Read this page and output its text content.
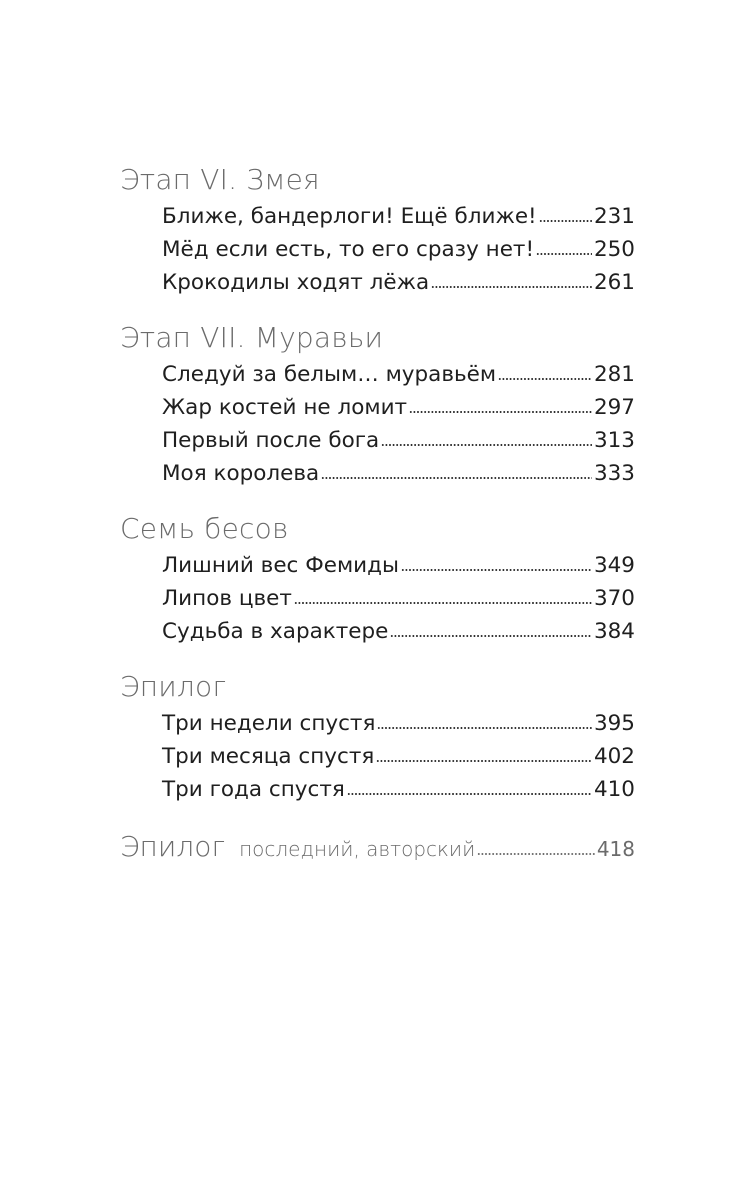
Этап VI. Змея
Ближе, бандерлоги! Ещё ближе!	231
Мёд если есть, то его сразу нет!	250
Крокодилы ходят лёжа	261
Этап VII. Муравьи
Следуй за белым… муравьём	281
Жар костей не ломит	297
Первый после бога	313
Моя королева	333
Семь бесов
Лишний вес Фемиды	349
Липов цвет	370
Судьба в характере	384
Эпилог
Три недели спустя	395
Три месяца спустя	402
Три года спустя	410
Эпилог последний, авторский	418
